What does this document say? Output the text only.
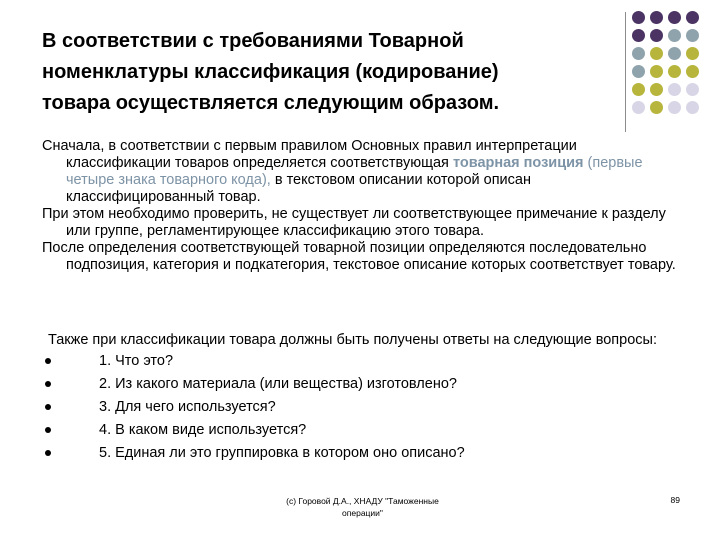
В соответствии с требованиями Товарной
номенклатуры классификация (кодирование)
товара осуществляется следующим образом.

Сначала, в соответствии с первым правилом Основных правил интерпретации классификации товаров определяется соответствующая товарная позиция (первые четыре знака товарного кода), в текстовом описании которой описан классифицированный товар.

При этом необходимо проверить, не существует ли соответствующее примечание к разделу или группе, регламентирующее классификацию этого товара.

После определения соответствующей товарной позиции определяются последовательно подпозиция, категория и подкатегория, текстовое описание которых соответствует товару.

Также при классификации товара должны быть получены ответы на следующие вопросы:

1. Что это?
2. Из какого материала (или вещества) изготовлено?
3. Для чего используется?
4. В каком виде используется?
5. Единая ли это группировка в котором оно описано?
(с) Горовой Д.А., ХНАДУ "Таможенные
операции"
89
